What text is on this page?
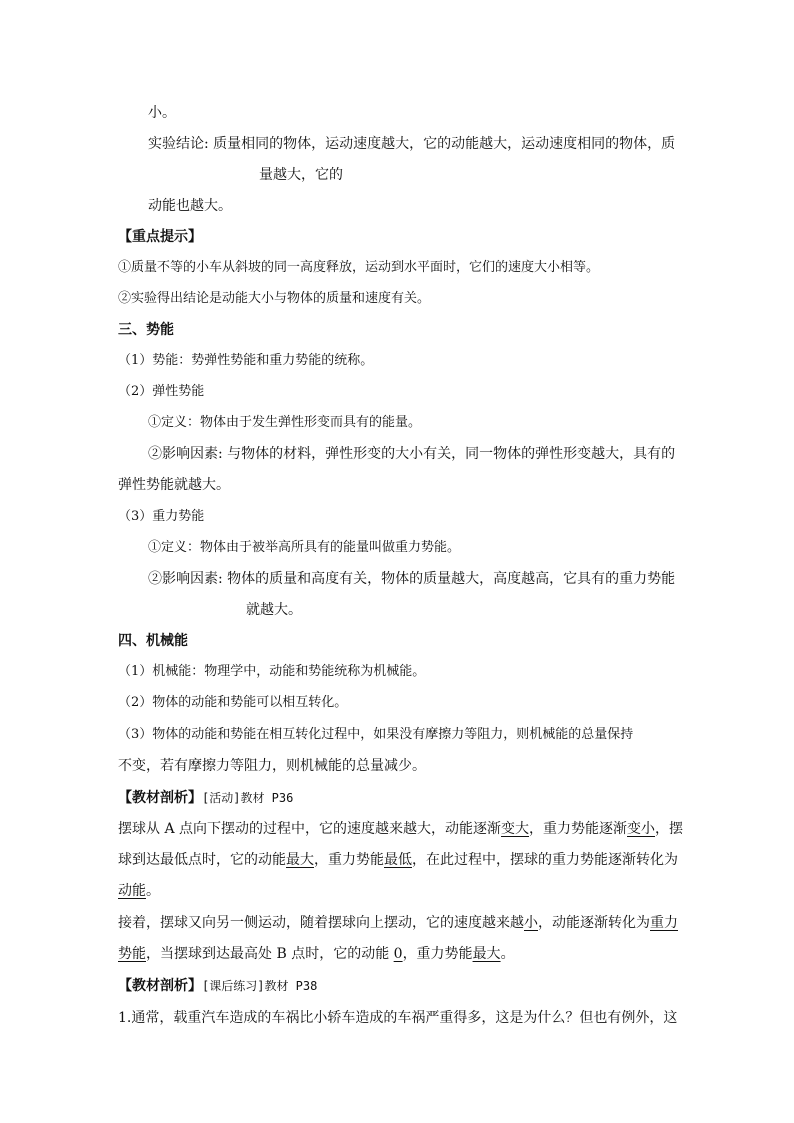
小。
实验结论: 质量相同的物体，运动速度越大，它的动能越大，运动速度相同的物体，质
量越大，它的
动能也越大。
【重点提示】
①质量不等的小车从斜坡的同一高度释放，运动到水平面时，它们的速度大小相等。
②实验得出结论是动能大小与物体的质量和速度有关。
三、势能
（1）势能：势弹性势能和重力势能的统称。
（2）弹性势能
①定义：物体由于发生弹性形变而具有的能量。
②影响因素: 与物体的材料，弹性形变的大小有关，同一物体的弹性形变越大，具有的
弹性势能就越大。
（3）重力势能
①定义：物体由于被举高所具有的能量叫做重力势能。
②影响因素: 物体的质量和高度有关，物体的质量越大，高度越高，它具有的重力势能
就越大。
四、机械能
（1）机械能：物理学中，动能和势能统称为机械能。
（2）物体的动能和势能可以相互转化。
（3）物体的动能和势能在相互转化过程中，如果没有摩擦力等阻力，则机械能的总量保持
不变，若有摩擦力等阻力，则机械能的总量减少。
【教材剖析】[活动]教材 P36
摆球从 A 点向下摆动的过程中，它的速度越来越大，动能逐渐变大，重力势能逐渐变小，摆
球到达最低点时，它的动能最大，重力势能最低，在此过程中，摆球的重力势能逐渐转化为
动能。
接着，摆球又向另一侧运动，随着摆球向上摆动，它的速度越来越小，动能逐渐转化为重力
势能，当摆球到达最高处 B 点时，它的动能 0，重力势能最大。
【教材剖析】[课后练习]教材 P38
1.通常，载重汽车造成的车祸比小轿车造成的车祸严重得多，这是为什么？但也有例外，这
